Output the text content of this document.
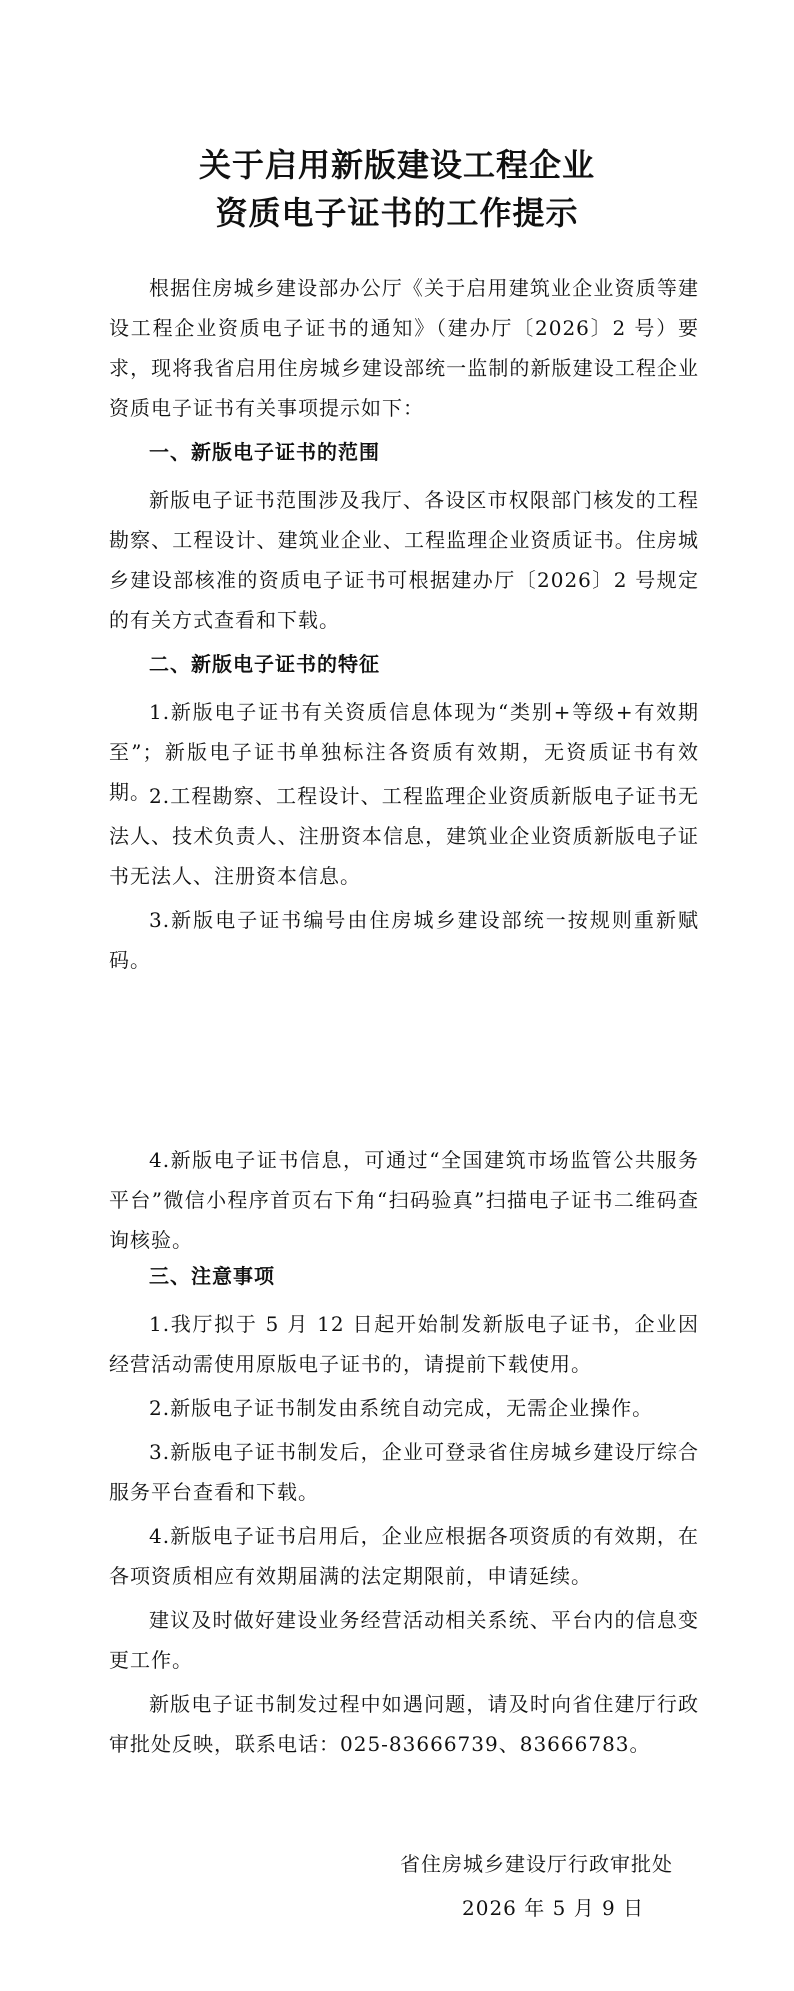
关于启用新版建设工程企业
资质电子证书的工作提示
根据住房城乡建设部办公厅《关于启用建筑业企业资质等建设工程企业资质电子证书的通知》（建办厅〔2026〕2 号）要求，现将我省启用住房城乡建设部统一监制的新版建设工程企业资质电子证书有关事项提示如下：
一、新版电子证书的范围
新版电子证书范围涉及我厅、各设区市权限部门核发的工程勘察、工程设计、建筑业企业、工程监理企业资质证书。住房城乡建设部核准的资质电子证书可根据建办厅〔2026〕2 号规定的有关方式查看和下载。
二、新版电子证书的特征
1.新版电子证书有关资质信息体现为“类别+等级+有效期至”；新版电子证书单独标注各资质有效期，无资质证书有效期。
2.工程勘察、工程设计、工程监理企业资质新版电子证书无法人、技术负责人、注册资本信息，建筑业企业资质新版电子证书无法人、注册资本信息。
3.新版电子证书编号由住房城乡建设部统一按规则重新赋码。
4.新版电子证书信息，可通过“全国建筑市场监管公共服务平台”微信小程序首页右下角“扫码验真”扫描电子证书二维码查询核验。
三、注意事项
1.我厅拟于 5 月 12 日起开始制发新版电子证书，企业因经营活动需使用原版电子证书的，请提前下载使用。
2.新版电子证书制发由系统自动完成，无需企业操作。
3.新版电子证书制发后，企业可登录省住房城乡建设厅综合服务平台查看和下载。
4.新版电子证书启用后，企业应根据各项资质的有效期，在各项资质相应有效期届满的法定期限前，申请延续。
建议及时做好建设业务经营活动相关系统、平台内的信息变更工作。
新版电子证书制发过程中如遇问题，请及时向省住建厅行政审批处反映，联系电话：025-83666739、83666783。
省住房城乡建设厅行政审批处
2026 年 5 月 9 日
